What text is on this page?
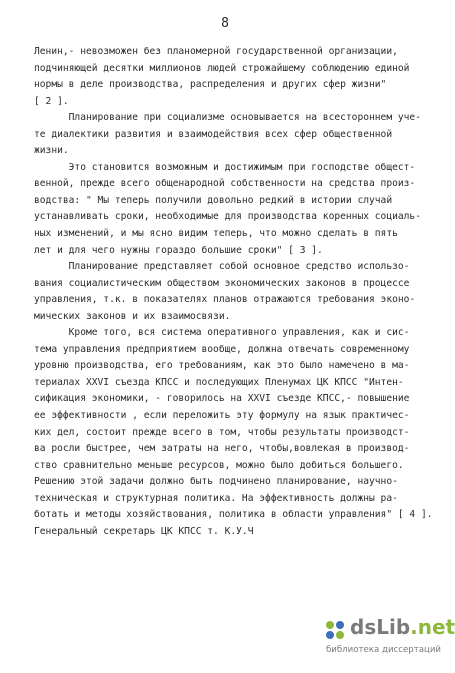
8
Ленин,- невозможен без планомерной государственной организации,
подчиняющей десятки миллионов людей строжайшему соблюдению единой
нормы в деле производства, распределения и других сфер жизни"
[ 2 ].
Планирование при социализме основывается на всестороннем уче-
те диалектики развития и взаимодействия всех сфер общественной
жизни.
Это становится возможным и достижимым при господстве общест-
венной, прежде всего общенародной собственности на средства произ-
водства: " Мы теперь получили довольно редкий в истории случай
устанавливать сроки, необходимые для производства коренных социаль-
ных изменений, и мы ясно видим теперь, что можно сделать в пять
лет и для чего нужны гораздо большие сроки" [ 3 ].
Планирование представляет собой основное средство использо-
вания социалистическим обществом экономических законов в процессе
управления, т.к. в показателях планов отражаются требования эконо-
мических законов и их взаимосвязи.
Кроме того, вся система оперативного управления, как и сис-
тема управления предприятием вообще, должна отвечать современному
уровню производства, его требованиям, как это было намечено в ма-
териалах XXVI съезда КПСС и последующих Пленумах ЦК КПСС "Интен-
сификация экономики, - говорилось на XXVI съезде КПСС,- повышение
ее эффективности , если переложить эту формулу на язык практичес-
ких дел, состоит прежде всего в том, чтобы результаты производст-
ва росли быстрее, чем затраты на него, чтобы,вовлекая в производ-
ство сравнительно меньше ресурсов, можно было добиться большего.
Решению этой задачи должно быть подчинено планирование, научно-
техническая и структурная политика. На эффективность должны ра-
ботать и методы хозяйствования, политика в области управления" [ 4 ].
Генеральный секретарь ЦК КПСС т. К.У.Ч
dsLib.net
библиотека диссертаций
